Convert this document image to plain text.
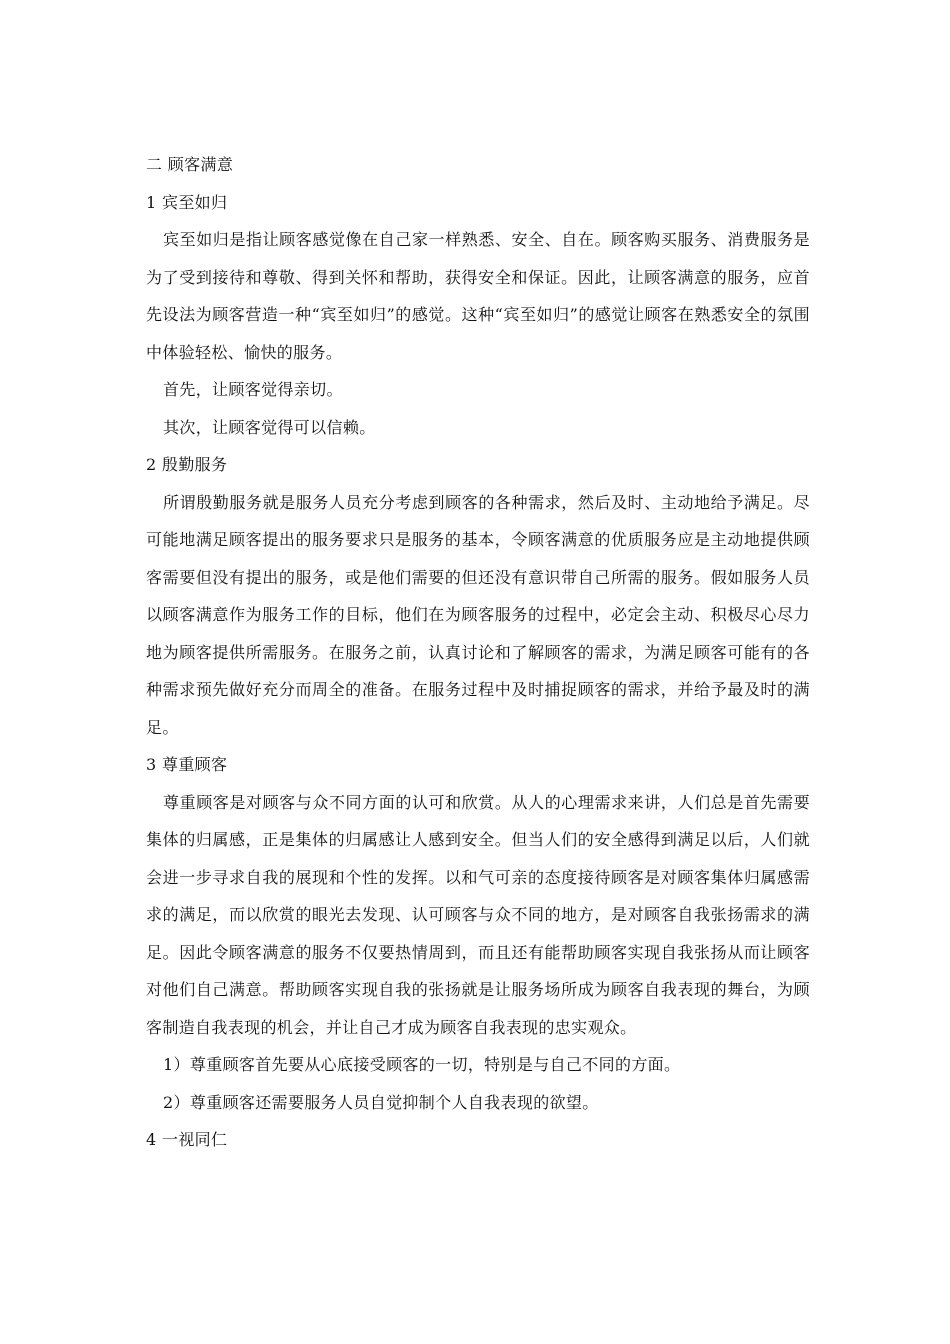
二 顾客满意

1 宾至如归

宾至如归是指让顾客感觉像在自己家一样熟悉、安全、自在。顾客购买服务、消费服务是为了受到接待和尊敬、得到关怀和帮助，获得安全和保证。因此，让顾客满意的服务，应首先设法为顾客营造一种“宾至如归”的感觉。这种“宾至如归”的感觉让顾客在熟悉安全的氛围中体验轻松、愉快的服务。

首先，让顾客觉得亲切。

其次，让顾客觉得可以信赖。

2 殷勤服务

所谓殷勤服务就是服务人员充分考虑到顾客的各种需求，然后及时、主动地给予满足。尽可能地满足顾客提出的服务要求只是服务的基本，令顾客满意的优质服务应是主动地提供顾客需要但没有提出的服务，或是他们需要的但还没有意识带自己所需的服务。假如服务人员以顾客满意作为服务工作的目标，他们在为顾客服务的过程中，必定会主动、积极尽心尽力地为顾客提供所需服务。在服务之前，认真讨论和了解顾客的需求，为满足顾客可能有的各种需求预先做好充分而周全的准备。在服务过程中及时捕捉顾客的需求，并给予最及时的满足。

3 尊重顾客

尊重顾客是对顾客与众不同方面的认可和欣赏。从人的心理需求来讲，人们总是首先需要集体的归属感，正是集体的归属感让人感到安全。但当人们的安全感得到满足以后，人们就会进一步寻求自我的展现和个性的发挥。以和气可亲的态度接待顾客是对顾客集体归属感需求的满足，而以欣赏的眼光去发现、认可顾客与众不同的地方，是对顾客自我张扬需求的满足。因此令顾客满意的服务不仅要热情周到，而且还有能帮助顾客实现自我张扬从而让顾客对他们自己满意。帮助顾客实现自我的张扬就是让服务场所成为顾客自我表现的舞台，为顾客制造自我表现的机会，并让自己才成为顾客自我表现的忠实观众。

1）尊重顾客首先要从心底接受顾客的一切，特别是与自己不同的方面。

2）尊重顾客还需要服务人员自觉抑制个人自我表现的欲望。

4 一视同仁
